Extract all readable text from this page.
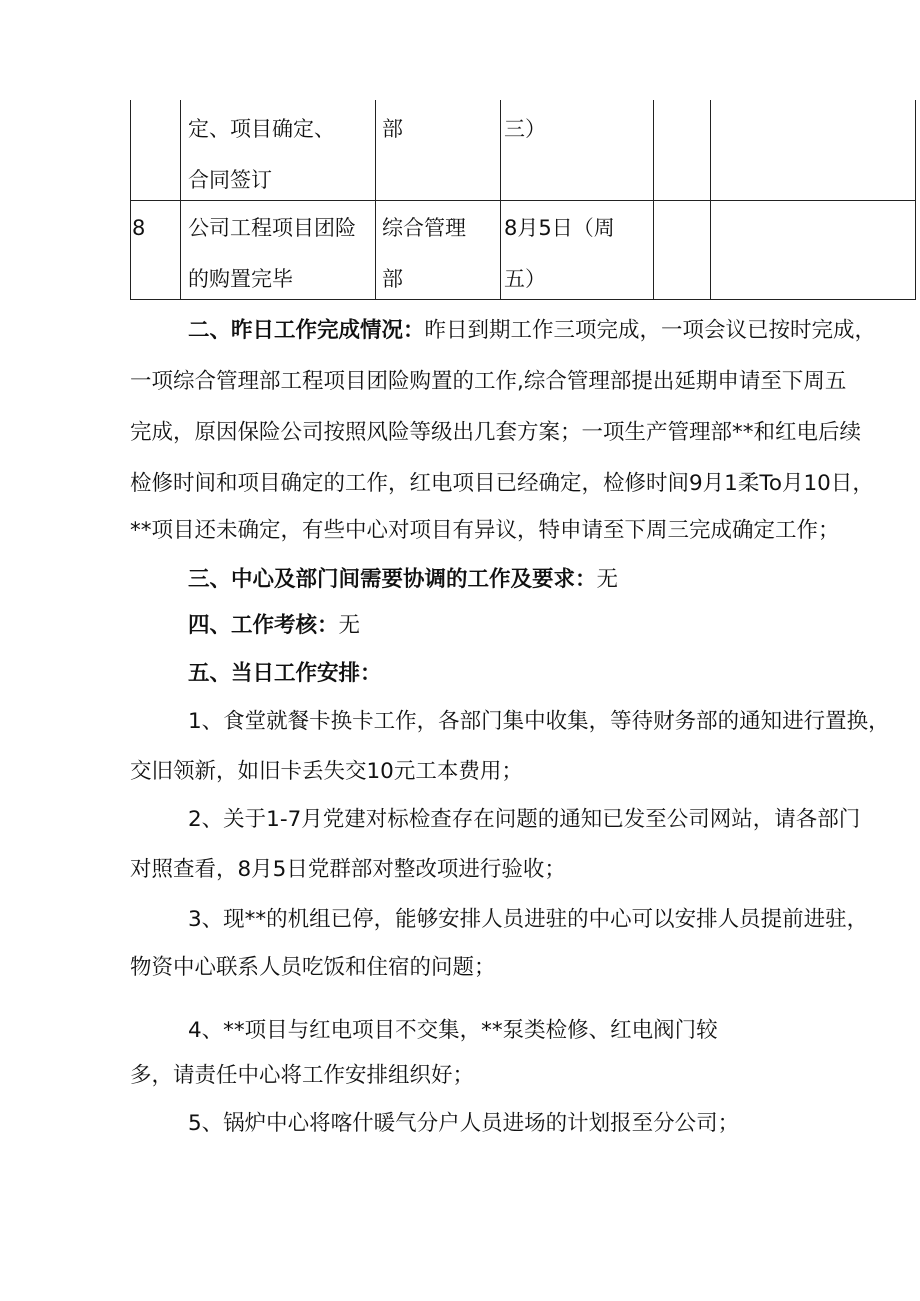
定、项目确定、
合同签订
部	三）
8 公司工程项目团险
的购置完毕
综合管理
部
8月5日（周
五）
二、昨日工作完成情况：昨日到期工作三项完成，一项会议已按时完成，
一项综合管理部工程项目团险购置的工作,综合管理部提出延期申请至下周五
完成，原因保险公司按照风险等级出几套方案；一项生产管理部**和红电后续
检修时间和项目确定的工作，红电项目已经确定，检修时间9月1柔To月10日，
**项目还未确定，有些中心对项目有异议，特申请至下周三完成确定工作；
三、中心及部门间需要协调的工作及要求：无
四、工作考核：无
五、当日工作安排：
1、食堂就餐卡换卡工作，各部门集中收集，等待财务部的通知进行置换，
交旧领新，如旧卡丢失交10元工本费用；
2、关于1-7月党建对标检查存在问题的通知已发至公司网站，请各部门
对照查看，8月5日党群部对整改项进行验收；
3、现**的机组已停，能够安排人员进驻的中心可以安排人员提前进驻，
物资中心联系人员吃饭和住宿的问题；
4、**项目与红电项目不交集，**泵类检修、红电阀门较
多，请责任中心将工作安排组织好；
5、锅炉中心将喀什暖气分户人员进场的计划报至分公司；
